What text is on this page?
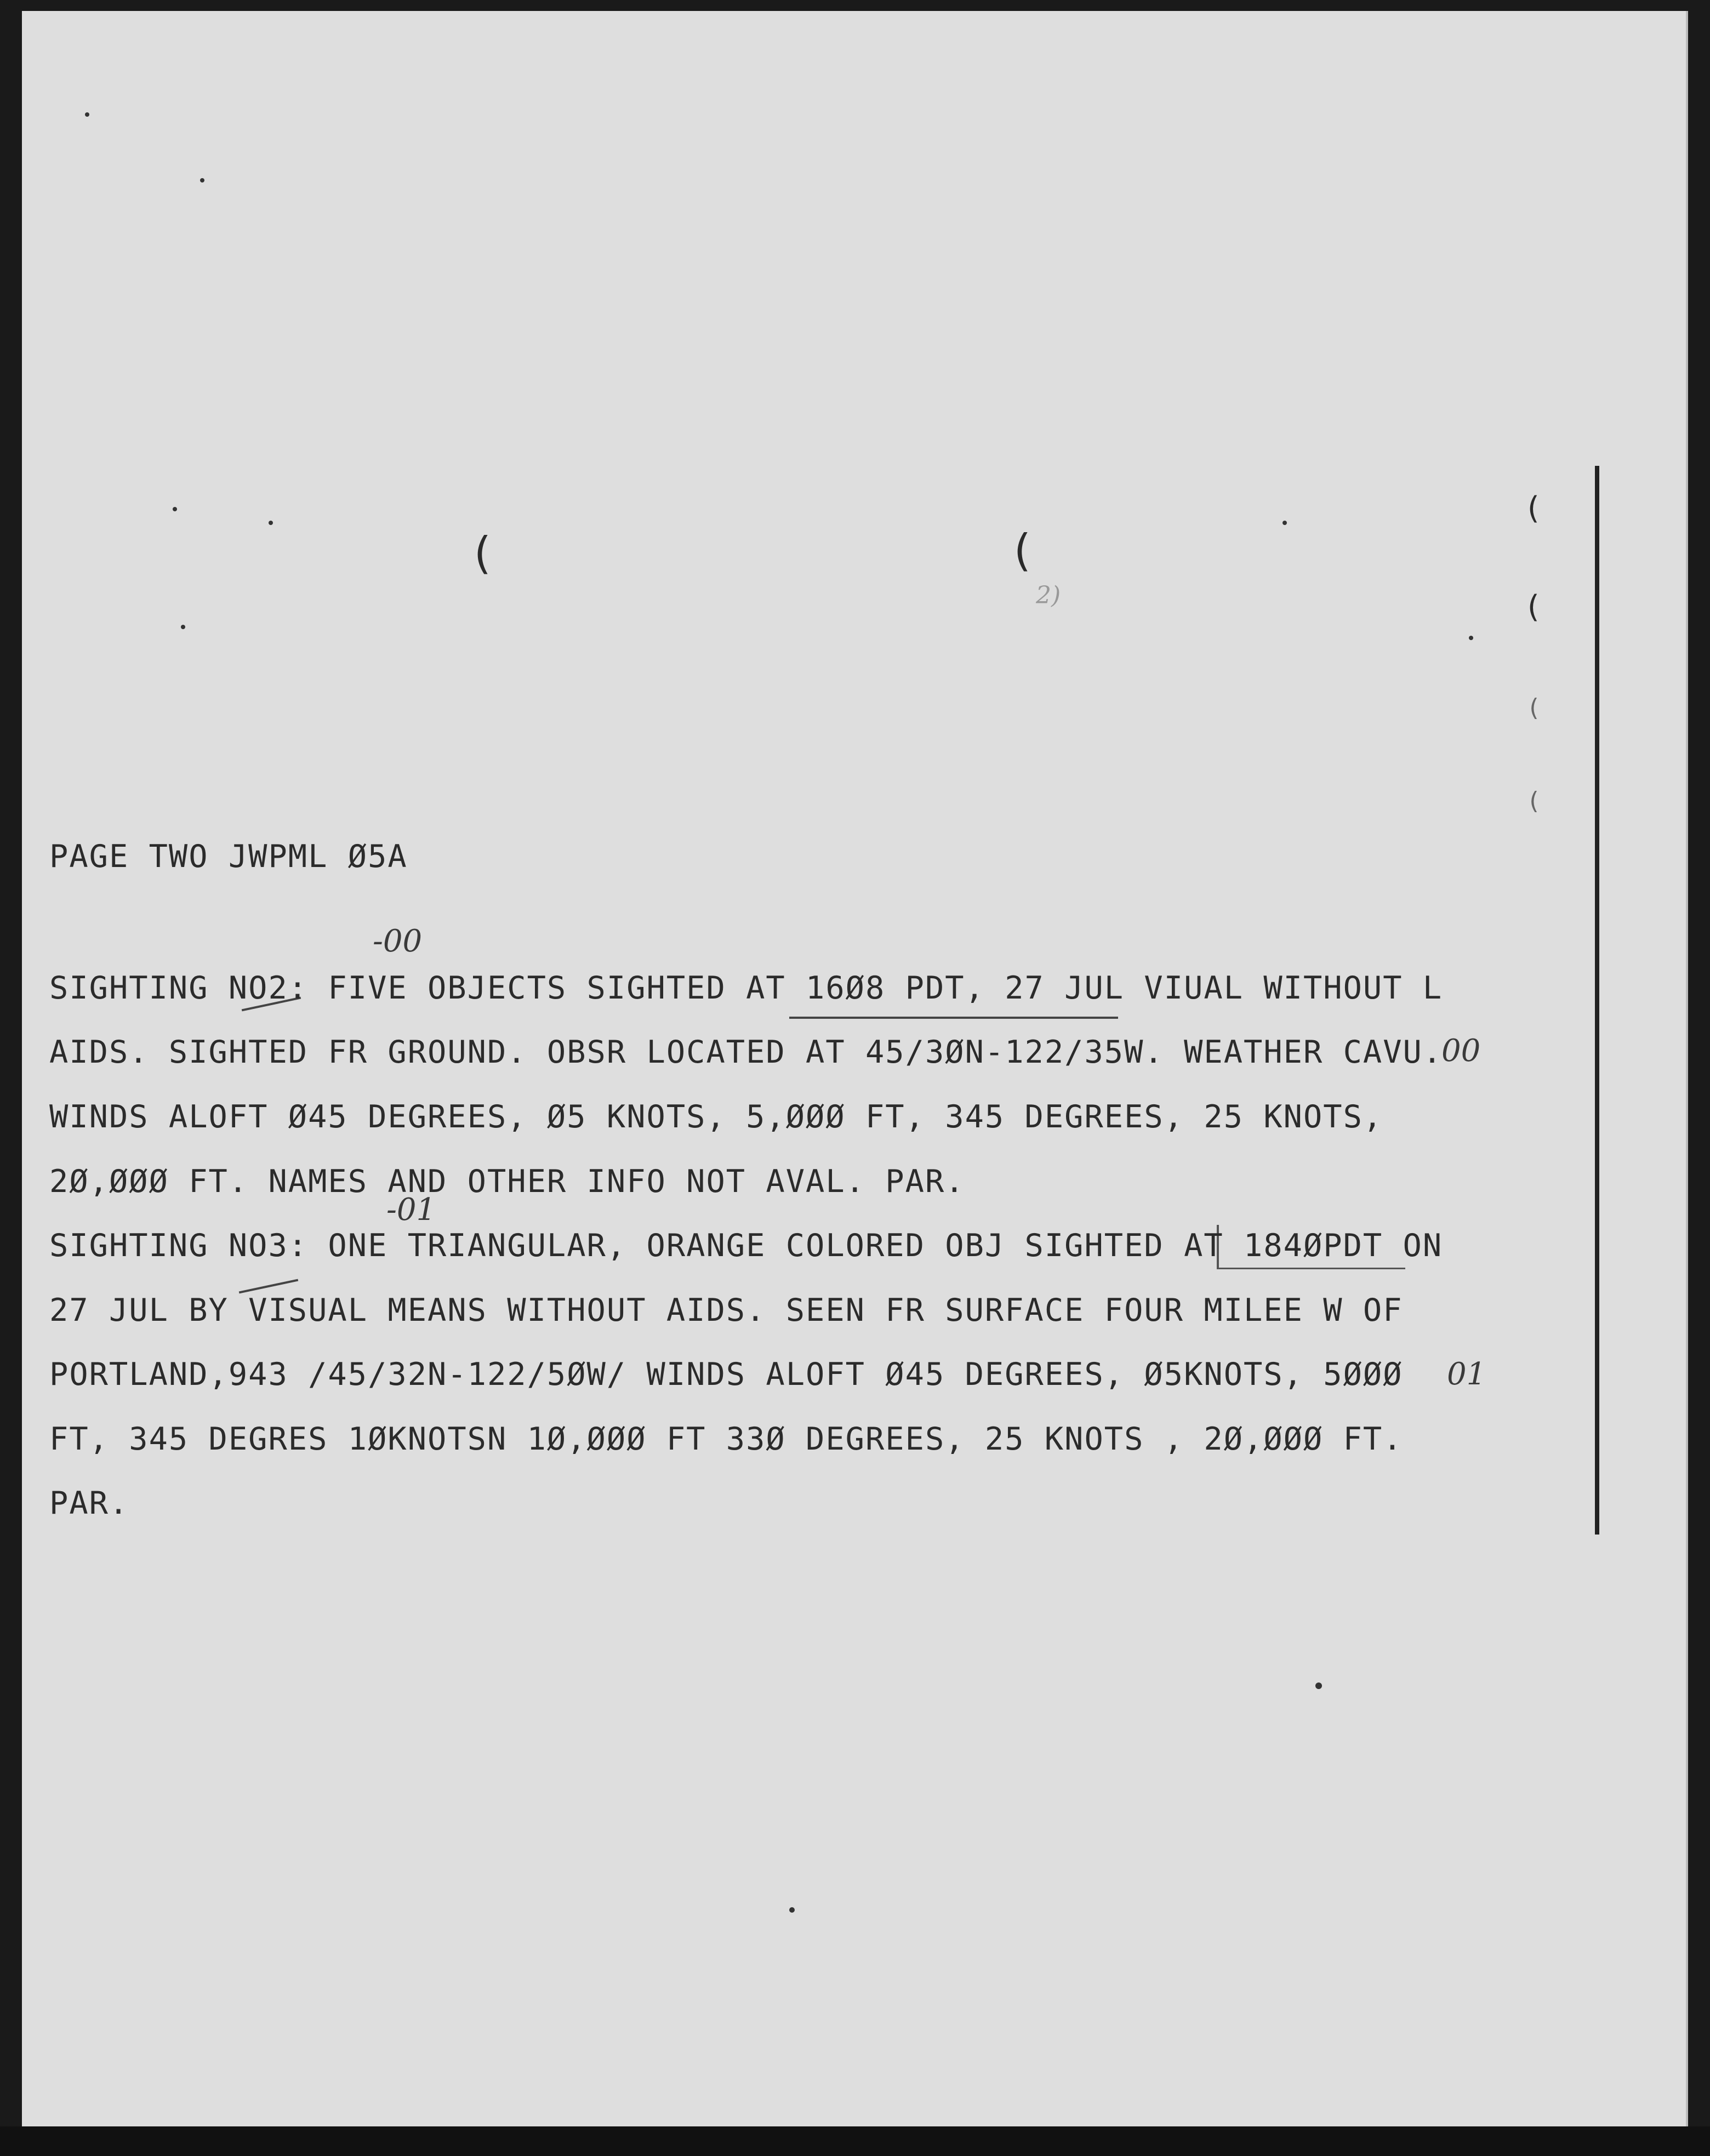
(	(
(
(
(
(
2)
PAGE TWO JWPML Ø5A
-00
-01
00
01
SIGHTING NO2: FIVE OBJECTS SIGHTED AT 16Ø8 PDT, 27 JUL VIUAL WITHOUT L
AIDS. SIGHTED FR GROUND. OBSR LOCATED AT 45/3ØN-122/35W. WEATHER CAVU.
WINDS ALOFT Ø45 DEGREES, Ø5 KNOTS, 5,ØØØ FT, 345 DEGREES, 25 KNOTS,
2Ø,ØØØ FT. NAMES AND OTHER INFO NOT AVAL. PAR.
SIGHTING NO3: ONE TRIANGULAR, ORANGE COLORED OBJ SIGHTED AT 184ØPDT ON
27 JUL BY VISUAL MEANS WITHOUT AIDS. SEEN FR SURFACE FOUR MILEE W OF
PORTLAND,943 /45/32N-122/5ØW/ WINDS ALOFT Ø45 DEGREES, Ø5KNOTS, 5ØØØ
FT, 345 DEGRES 1ØKNOTSN 1Ø,ØØØ FT 33Ø DEGREES, 25 KNOTS , 2Ø,ØØØ FT.
PAR.
